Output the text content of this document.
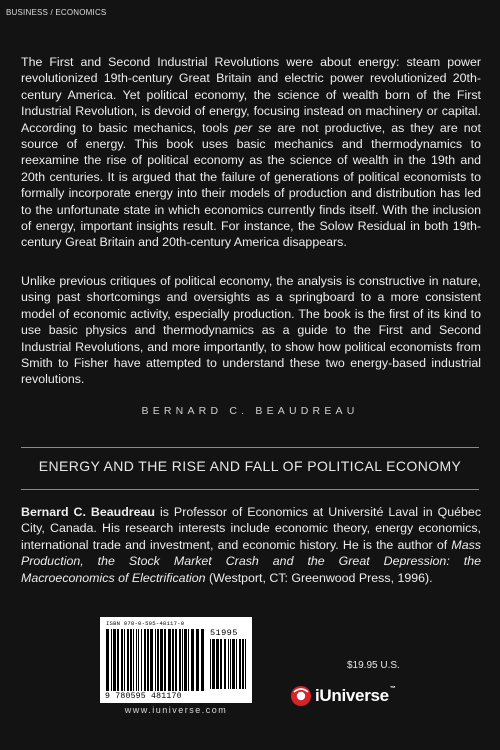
BUSINESS / ECONOMICS

The First and Second Industrial Revolutions were about energy: steam power revolutionized 19th-century Great Britain and electric power revolutionized 20th-century America. Yet political economy, the science of wealth born of the First Industrial Revolution, is devoid of energy, focusing instead on machinery or capital. According to basic mechanics, tools per se are not productive, as they are not source of energy. This book uses basic mechanics and thermodynamics to reexamine the rise of political economy as the science of wealth in the 19th and 20th centuries. It is argued that the failure of generations of political economists to formally incorporate energy into their models of production and distribution has led to the unfortunate state in which economics currently finds itself. With the inclusion of energy, important insights result. For instance, the Solow Residual in both 19th-century Great Britain and 20th-century America disappears.

Unlike previous critiques of political economy, the analysis is constructive in nature, using past shortcomings and oversights as a springboard to a more consistent model of economic activity, especially production. The book is the first of its kind to use basic physics and thermodynamics as a guide to the First and Second Industrial Revolutions, and more importantly, to show how political economists from Smith to Fisher have attempted to understand these two energy-based industrial revolutions.

BERNARD C. BEAUDREAU
ENERGY AND THE RISE AND FALL OF POLITICAL ECONOMY

Bernard C. Beaudreau is Professor of Economics at Université Laval in Québec City, Canada. His research interests include economic theory, energy economics, international trade and investment, and economic history. He is the author of Mass Production, the Stock Market Crash and the Great Depression: the Macroeconomics of Electrification (Westport, CT: Greenwood Press, 1996).

ISBN 978-0-595-48117-0
9 780595 481170
51995
www.iuniverse.com
$19.95 U.S.
iUniverse™
